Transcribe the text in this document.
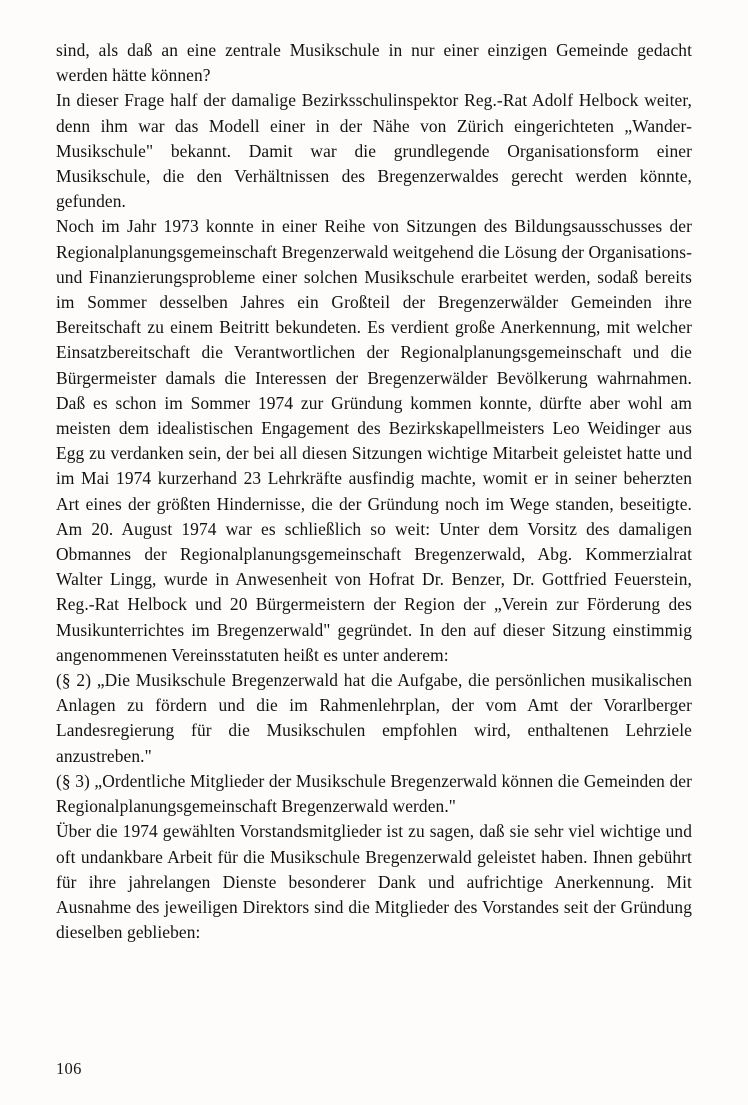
sind, als daß an eine zentrale Musikschule in nur einer einzigen Gemeinde gedacht werden hätte können?

In dieser Frage half der damalige Bezirksschulinspektor Reg.-Rat Adolf Helbock weiter, denn ihm war das Modell einer in der Nähe von Zürich eingerichteten „Wander-Musikschule" bekannt. Damit war die grundlegende Organisationsform einer Musikschule, die den Verhältnissen des Bregenzerwaldes gerecht werden könnte, gefunden.

Noch im Jahr 1973 konnte in einer Reihe von Sitzungen des Bildungsausschusses der Regionalplanungsgemeinschaft Bregenzerwald weitgehend die Lösung der Organisations- und Finanzierungsprobleme einer solchen Musikschule erarbeitet werden, sodaß bereits im Sommer desselben Jahres ein Großteil der Bregenzerwälder Gemeinden ihre Bereitschaft zu einem Beitritt bekundeten. Es verdient große Anerkennung, mit welcher Einsatzbereitschaft die Verantwortlichen der Regionalplanungsgemeinschaft und die Bürgermeister damals die Interessen der Bregenzerwälder Bevölkerung wahrnahmen. Daß es schon im Sommer 1974 zur Gründung kommen konnte, dürfte aber wohl am meisten dem idealistischen Engagement des Bezirkskapellmeisters Leo Weidinger aus Egg zu verdanken sein, der bei all diesen Sitzungen wichtige Mitarbeit geleistet hatte und im Mai 1974 kurzerhand 23 Lehrkräfte ausfindig machte, womit er in seiner beherzten Art eines der größten Hindernisse, die der Gründung noch im Wege standen, beseitigte. Am 20. August 1974 war es schließlich so weit: Unter dem Vorsitz des damaligen Obmannes der Regionalplanungsgemeinschaft Bregenzerwald, Abg. Kommerzialrat Walter Lingg, wurde in Anwesenheit von Hofrat Dr. Benzer, Dr. Gottfried Feuerstein, Reg.-Rat Helbock und 20 Bürgermeistern der Region der „Verein zur Förderung des Musikunterrichtes im Bregenzerwald" gegründet. In den auf dieser Sitzung einstimmig angenommenen Vereinsstatuten heißt es unter anderem:

(§ 2) „Die Musikschule Bregenzerwald hat die Aufgabe, die persönlichen musikalischen Anlagen zu fördern und die im Rahmenlehrplan, der vom Amt der Vorarlberger Landesregierung für die Musikschulen empfohlen wird, enthaltenen Lehrziele anzustreben."

(§ 3) „Ordentliche Mitglieder der Musikschule Bregenzerwald können die Gemeinden der Regionalplanungsgemeinschaft Bregenzerwald werden."

Über die 1974 gewählten Vorstandsmitglieder ist zu sagen, daß sie sehr viel wichtige und oft undankbare Arbeit für die Musikschule Bregenzerwald geleistet haben. Ihnen gebührt für ihre jahrelangen Dienste besonderer Dank und aufrichtige Anerkennung. Mit Ausnahme des jeweiligen Direktors sind die Mitglieder des Vorstandes seit der Gründung dieselben geblieben:

106
